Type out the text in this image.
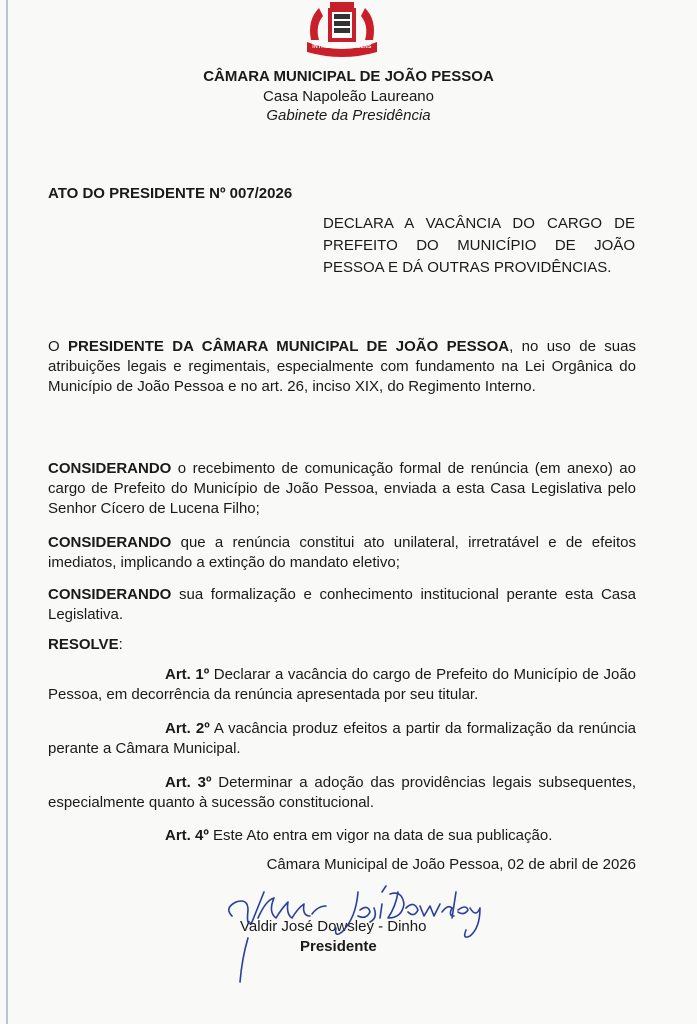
INTREPIDA & DECENS
CÂMARA MUNICIPAL DE JOÃO PESSOA
Casa Napoleão Laureano
Gabinete da Presidência
ATO DO PRESIDENTE Nº 007/2026
DECLARA A VACÂNCIA DO CARGO DE PREFEITO DO MUNICÍPIO DE JOÃO PESSOA E DÁ OUTRAS PROVIDÊNCIAS.
O PRESIDENTE DA CÂMARA MUNICIPAL DE JOÃO PESSOA, no uso de suas atribuições legais e regimentais, especialmente com fundamento na Lei Orgânica do Município de João Pessoa e no art. 26, inciso XIX, do Regimento Interno.
CONSIDERANDO o recebimento de comunicação formal de renúncia (em anexo) ao cargo de Prefeito do Município de João Pessoa, enviada a esta Casa Legislativa pelo Senhor Cícero de Lucena Filho;
CONSIDERANDO que a renúncia constitui ato unilateral, irretratável e de efeitos imediatos, implicando a extinção do mandato eletivo;
CONSIDERANDO sua formalização e conhecimento institucional perante esta Casa Legislativa.
RESOLVE:
Art. 1º Declarar a vacância do cargo de Prefeito do Município de João Pessoa, em decorrência da renúncia apresentada por seu titular.
Art. 2º A vacância produz efeitos a partir da formalização da renúncia perante a Câmara Municipal.
Art. 3º Determinar a adoção das providências legais subsequentes, especialmente quanto à sucessão constitucional.
Art. 4º Este Ato entra em vigor na data de sua publicação.
Câmara Municipal de João Pessoa, 02 de abril de 2026
Valdir José Dowsley - Dinho
Presidente
